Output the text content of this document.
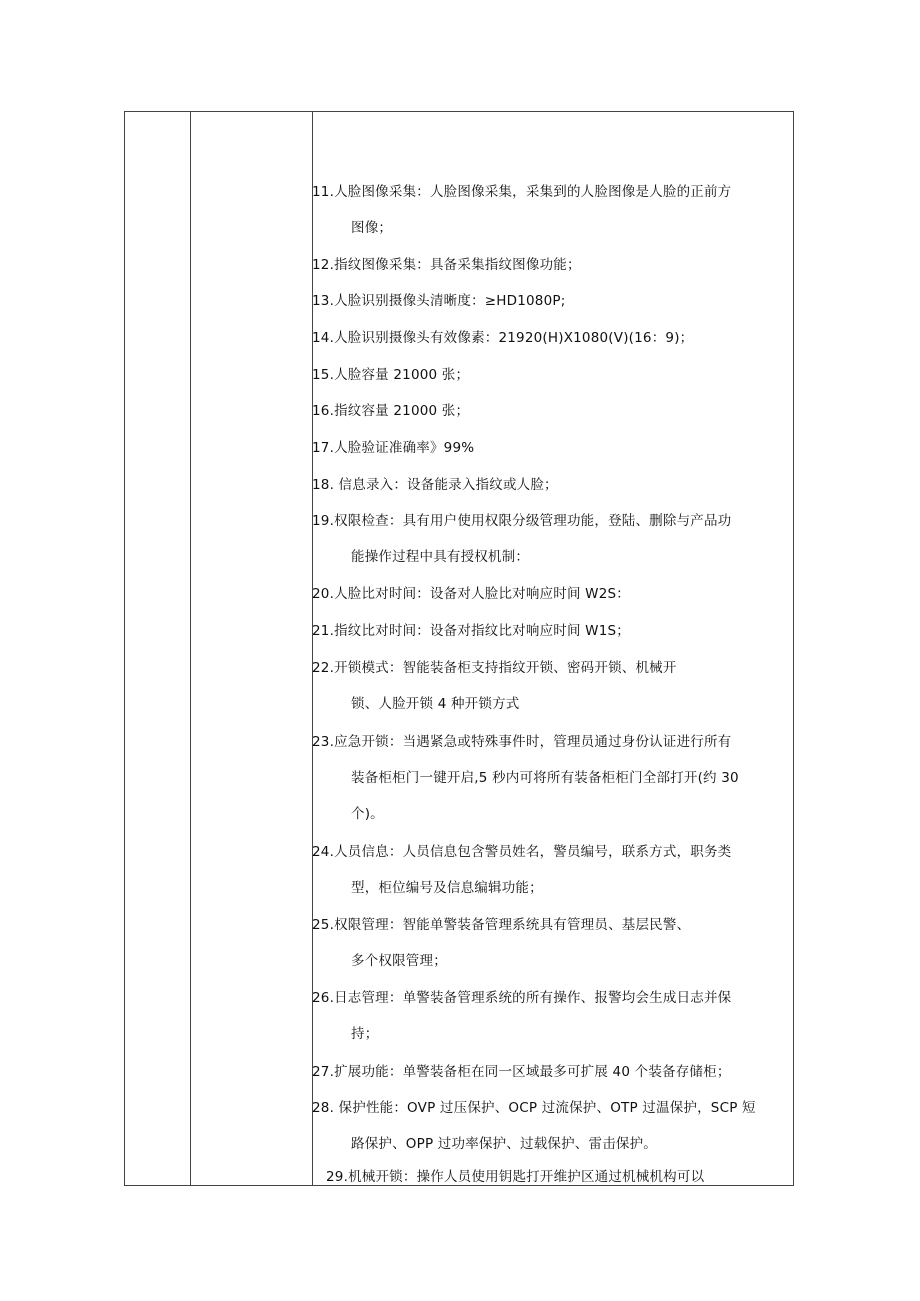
11.人脸图像采集：人脸图像采集，采集到的人脸图像是人脸的正前方
图像；
12.指纹图像采集：具备采集指纹图像功能；
13.人脸识别摄像头清晰度：≥HD1080P;
14.人脸识别摄像头有效像素：21920(H)X1080(V)(16：9)；
15.人脸容量 21000 张；
16.指纹容量 21000 张；
17.人脸验证准确率》99%
18. 信息录入：设备能录入指纹或人脸；
19.权限检查：具有用户使用权限分级管理功能，登陆、删除与产品功
能操作过程中具有授权机制：
20.人脸比对时间：设备对人脸比对响应时间 W2S：
21.指纹比对时间：设备对指纹比对响应时间 W1S；
22.开锁模式：智能装备柜支持指纹开锁、密码开锁、机械开
锁、人脸开锁 4 种开锁方式
23.应急开锁：当遇紧急或特殊事件时，管理员通过身份认证进行所有
装备柜柜门一键开启,5 秒内可将所有装备柜柜门全部打开(约 30
个)。
24.人员信息：人员信息包含警员姓名，警员编号，联系方式，职务类
型，柜位编号及信息编辑功能；
25.权限管理：智能单警装备管理系统具有管理员、基层民警、
多个权限管理；
26.日志管理：单警装备管理系统的所有操作、报警均会生成日志并保
持；
27.扩展功能：单警装备柜在同一区域最多可扩展 40 个装备存储柜；
28. 保护性能：OVP 过压保护、OCP 过流保护、OTP 过温保护，SCP 短
路保护、OPP 过功率保护、过载保护、雷击保护。
29.机械开锁：操作人员使用钥匙打开维护区通过机械机构可以
